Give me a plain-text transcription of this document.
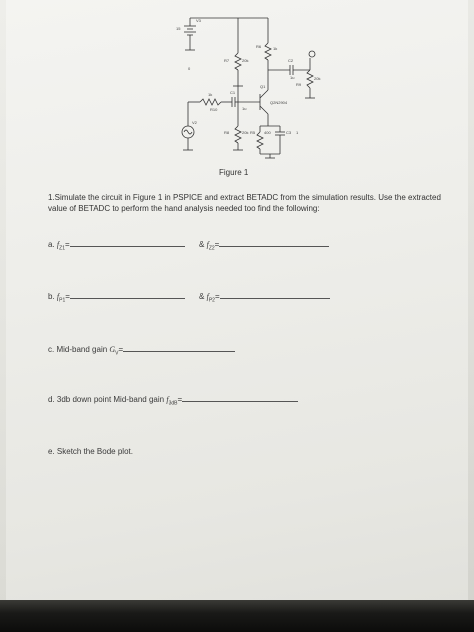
V3
15
R6	1k
R7	20k	C2
1u
R9
20k
Q1
Q2N2904
C1
1u
1k
R10
V2
R8	20k R5 400	C3 1
0
Figure 1
1.Simulate the circuit in Figure 1 in PSPICE and extract BETADC from the simulation results. Use the extracted value of BETADC to perform the hand analysis needed too find the following:
a. $f_{Z1}=$	& $f_{Z2}=$
b. $f_{P1}=$	& $f_{P2}=$
c. Mid-band gain $G_V=$
d. 3db down point Mid-band gain $f_{3dB}=$
e. Sketch the Bode plot.
